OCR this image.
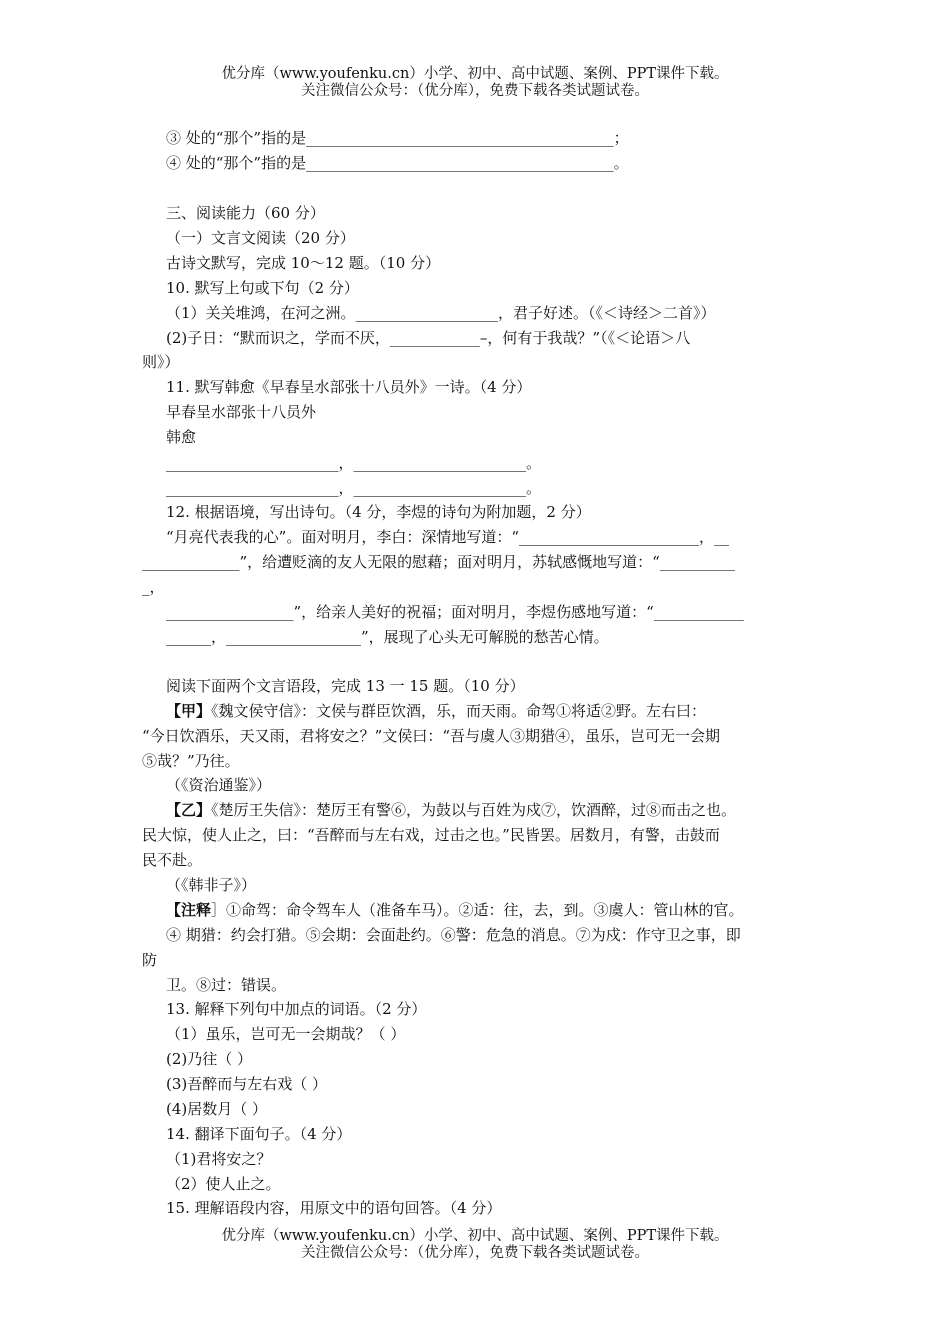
优分库（www.youfenku.cn）小学、初中、高中试题、案例、PPT课件下载。
关注微信公众号：（优分库），免费下载各类试题试卷。
③ 处的“那个”指的是_________________________________________；
④ 处的“那个”指的是_________________________________________。
三、阅读能力（60 分）
（一）文言文阅读（20 分）
古诗文默写，完成 10～12 题。（10 分）
10. 默写上句或下句（2 分）
（1）关关堆鸿，在河之洲。___________________，君子好述。（《＜诗经＞二首》）
(2)子日：“默而识之，学而不厌，____________–，何有于我哉？”（《＜论语＞八
则》）
11. 默写韩愈《早春呈水部张十八员外》一诗。（4 分）
早春呈水部张十八员外
韩愈
_______________________，_______________________。
_______________________，_______________________。
12. 根据语境，写出诗句。（4 分，李煜的诗句为附加题，2 分）
“月亮代表我的心”。面对明月，李白：深情地写道：“________________________，__
_____________”，给遭贬滴的友人无限的慰藉；面对明月，苏轼感慨地写道：“__________
_，
_________________”，给亲人美好的祝福；面对明月，李煜伤感地写道：“____________
______，__________________”，展现了心头无可解脱的愁苦心情。
阅读下面两个文言语段，完成 13 一 15 题。（10 分）
【甲】《魏文侯守信》：文侯与群臣饮酒，乐，而天雨。命驾①将适②野。左右曰：
“今日饮酒乐，天又雨，君将安之？”文侯曰：“吾与虞人③期猎④，虽乐，岂可无一会期
⑤哉？”乃往。
（《资治通鉴》）
【乙】《楚厉王失信》：楚厉王有警⑥，为鼓以与百姓为戍⑦，饮酒醉，过⑧而击之也。
民大惊，使人止之，曰：“吾醉而与左右戏，过击之也。”民皆罢。居数月，有警，击鼓而
民不赴。
（《韩非子》）
【注释］①命驾：命令驾车人（准备车马）。②适：往，去，到。③虞人：管山林的官。
④ 期猎：约会打猎。⑤会期：会面赴约。⑥警：危急的消息。⑦为戍：作守卫之事，即
防
卫。⑧过：错误。
13. 解释下列句中加点的词语。（2 分）
（1）虽乐，岂可无一会期哉？（ ）
(2)乃往（ ）
(3)吾醉而与左右戏（ ）
(4)居数月（ ）
14. 翻译下面句子。（4 分）
（1)君将安之？
（2）使人止之。
15. 理解语段内容，用原文中的语句回答。（4 分）
优分库（www.youfenku.cn）小学、初中、高中试题、案例、PPT课件下载。
关注微信公众号：（优分库），免费下载各类试题试卷。
